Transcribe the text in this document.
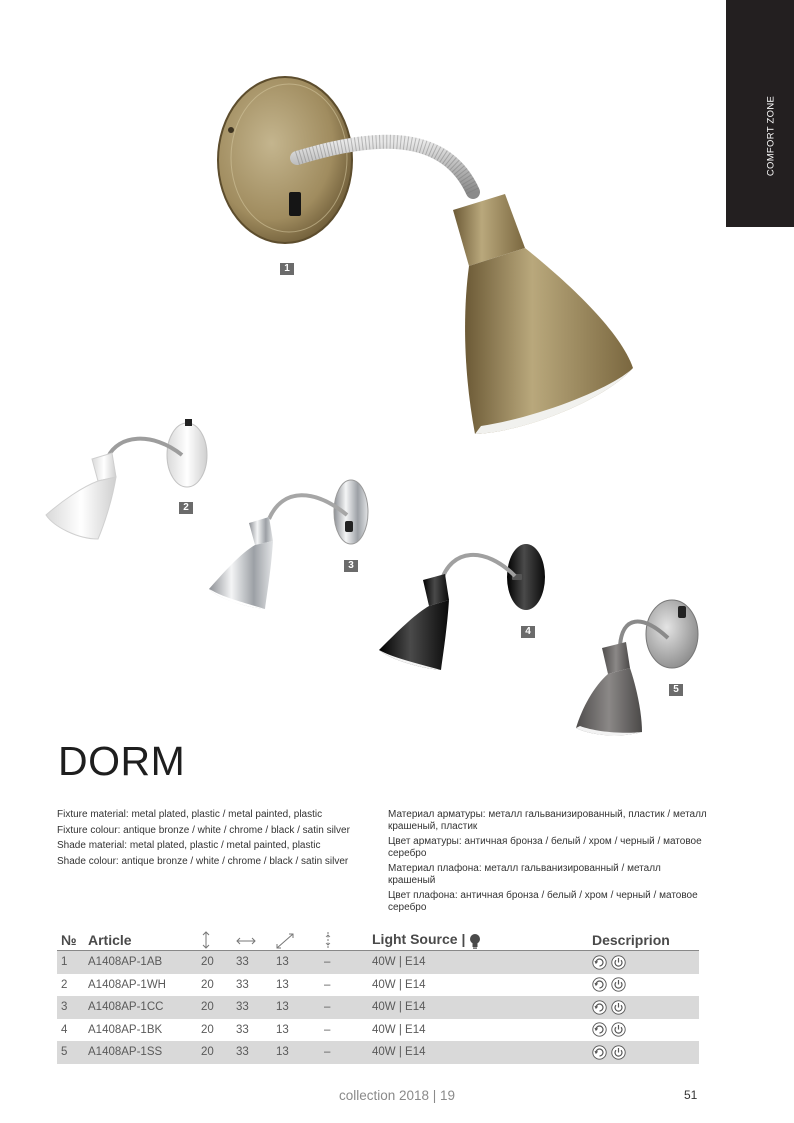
COMFORT ZONE
1
2
3
4
5
DORM

Fixture material: metal plated, plastic / metal painted, plastic

Fixture colour: antique bronze / white / chrome / black / satin silver

Shade material: metal plated, plastic / metal painted, plastic

Shade colour: antique bronze / white / chrome / black / satin silver

Материал арматуры: металл гальванизированный, пластик / металл крашеный, пластик

Цвет арматуры: античная бронза / белый / хром / черный / матовое серебро

Материал плафона: металл гальванизированный / металл крашеный

Цвет плафона: античная бронза / белый / хром / черный / матовое серебро

№	Article					Light Source |	Descriprion
1	A1408AP-1AB	20	33	13	–	40W | E14	
2	A1408AP-1WH	20	33	13	–	40W | E14	
3	A1408AP-1CC	20	33	13	–	40W | E14	
4	A1408AP-1BK	20	33	13	–	40W | E14	
5	A1408AP-1SS	20	33	13	–	40W | E14	
collection 2018 | 19	51
